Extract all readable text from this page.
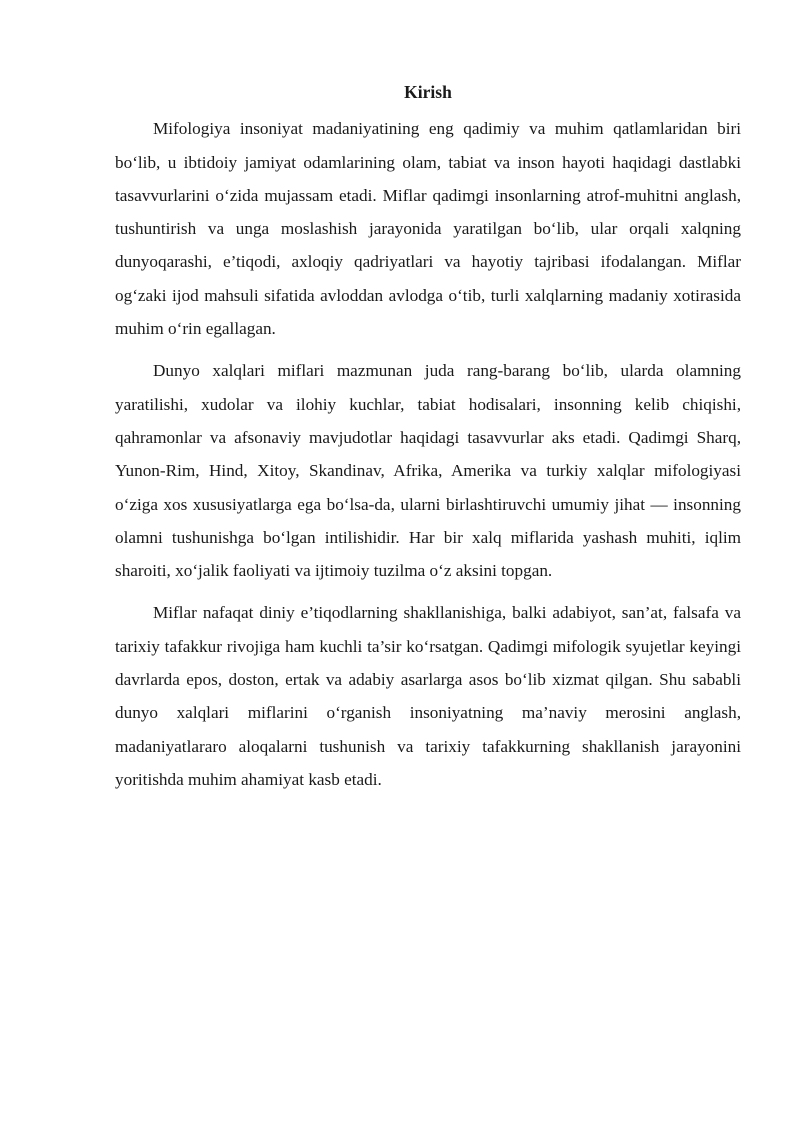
Kirish

Mifologiya insoniyat madaniyatining eng qadimiy va muhim qatlamlaridan biri bo‘lib, u ibtidoiy jamiyat odamlarining olam, tabiat va inson hayoti haqidagi dastlabki tasavvurlarini o‘zida mujassam etadi. Miflar qadimgi insonlarning atrof-muhitni anglash, tushuntirish va unga moslashish jarayonida yaratilgan bo‘lib, ular orqali xalqning dunyoqarashi, e’tiqodi, axloqiy qadriyatlari va hayotiy tajribasi ifodalangan. Miflar og‘zaki ijod mahsuli sifatida avloddan avlodga o‘tib, turli xalqlarning madaniy xotirasida muhim o‘rin egallagan.

Dunyo xalqlari miflari mazmunan juda rang-barang bo‘lib, ularda olamning yaratilishi, xudolar va ilohiy kuchlar, tabiat hodisalari, insonning kelib chiqishi, qahramonlar va afsonaviy mavjudotlar haqidagi tasavvurlar aks etadi. Qadimgi Sharq, Yunon-Rim, Hind, Xitoy, Skandinav, Afrika, Amerika va turkiy xalqlar mifologiyasi o‘ziga xos xususiyatlarga ega bo‘lsa-da, ularni birlashtiruvchi umumiy jihat — insonning olamni tushunishga bo‘lgan intilishidir. Har bir xalq miflarida yashash muhiti, iqlim sharoiti, xo‘jalik faoliyati va ijtimoiy tuzilma o‘z aksini topgan.

Miflar nafaqat diniy e’tiqodlarning shakllanishiga, balki adabiyot, san’at, falsafa va tarixiy tafakkur rivojiga ham kuchli ta’sir ko‘rsatgan. Qadimgi mifologik syujetlar keyingi davrlarda epos, doston, ertak va adabiy asarlarga asos bo‘lib xizmat qilgan. Shu sababli dunyo xalqlari miflarini o‘rganish insoniyatning ma’naviy merosini anglash, madaniyatlararo aloqalarni tushunish va tarixiy tafakkurning shakllanish jarayonini yoritishda muhim ahamiyat kasb etadi.
